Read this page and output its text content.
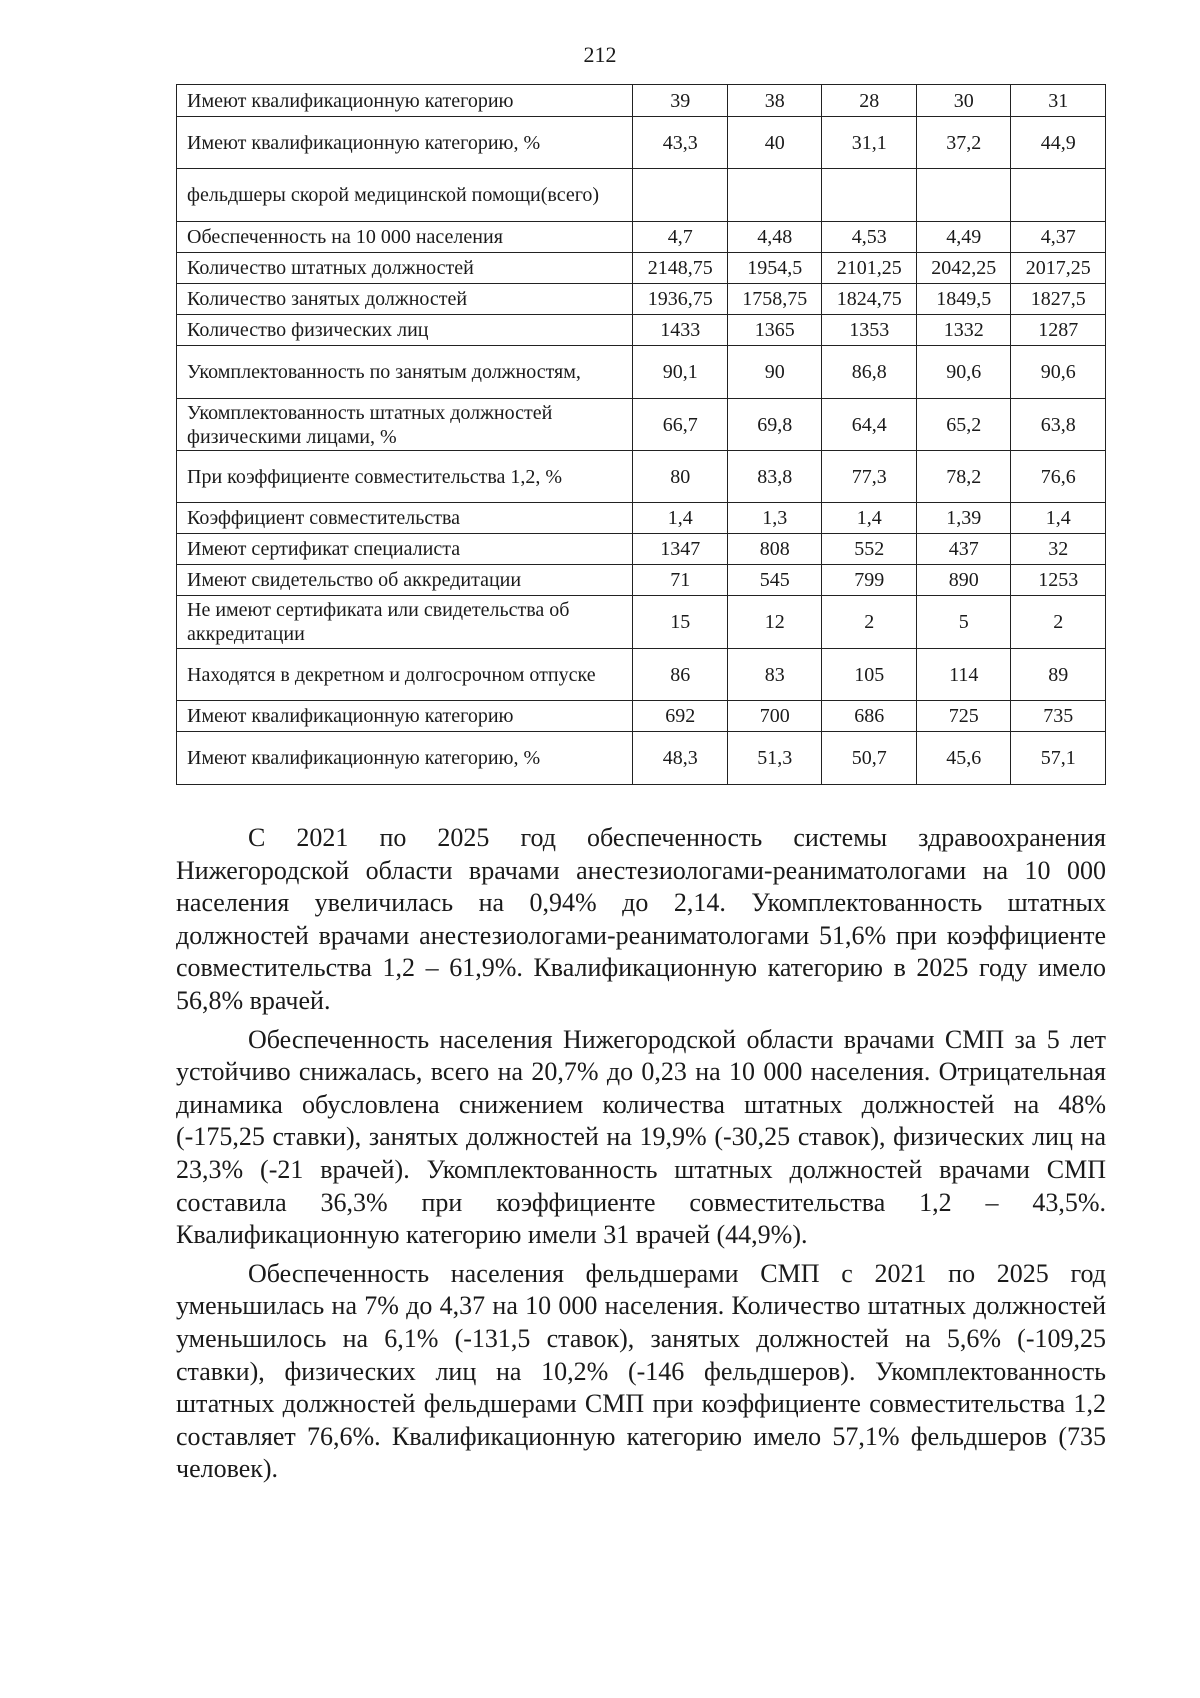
212
Имеют квалификационную категорию	39	38	28	30	31
Имеют квалификационную категорию, %	43,3	40	31,1	37,2	44,9
фельдшеры скорой медицинской помощи(всего)					
Обеспеченность на 10 000 населения	4,7	4,48	4,53	4,49	4,37
Количество штатных должностей	2148,75	1954,5	2101,25	2042,25	2017,25
Количество занятых должностей	1936,75	1758,75	1824,75	1849,5	1827,5
Количество физических лиц	1433	1365	1353	1332	1287
Укомплектованность по занятым должностям,	90,1	90	86,8	90,6	90,6
Укомплектованность штатных должностей физическими лицами, %	66,7	69,8	64,4	65,2	63,8
При коэффициенте совместительства 1,2, %	80	83,8	77,3	78,2	76,6
Коэффициент совместительства	1,4	1,3	1,4	1,39	1,4
Имеют сертификат специалиста	1347	808	552	437	32
Имеют свидетельство об аккредитации	71	545	799	890	1253
Не имеют сертификата или свидетельства об аккредитации	15	12	2	5	2
Находятся в декретном и долгосрочном отпуске	86	83	105	114	89
Имеют квалификационную категорию	692	700	686	725	735
Имеют квалификационную категорию, %	48,3	51,3	50,7	45,6	57,1

С 2021 по 2025 год обеспеченность системы здравоохранения Нижегородской области врачами анестезиологами-реаниматологами на 10 000 населения увеличилась на 0,94% до 2,14. Укомплектованность штатных должностей врачами анестезиологами-реаниматологами 51,6% при коэффициенте совместительства 1,2 – 61,9%. Квалификационную категорию в 2025 году имело 56,8% врачей.

Обеспеченность населения Нижегородской области врачами СМП за 5 лет устойчиво снижалась, всего на 20,7% до 0,23 на 10 000 населения. Отрицательная динамика обусловлена снижением количества штатных должностей на 48% (-175,25 ставки), занятых должностей на 19,9% (-30,25 ставок), физических лиц на 23,3% (-21 врачей). Укомплектованность штатных должностей врачами СМП составила 36,3% при коэффициенте совместительства 1,2 – 43,5%. Квалификационную категорию имели 31 врачей (44,9%).

Обеспеченность населения фельдшерами СМП с 2021 по 2025 год уменьшилась на 7% до 4,37 на 10 000 населения. Количество штатных должностей уменьшилось на 6,1% (-131,5 ставок), занятых должностей на 5,6% (-109,25 ставки), физических лиц на 10,2% (-146 фельдшеров). Укомплектованность штатных должностей фельдшерами СМП при коэффициенте совместительства 1,2 составляет 76,6%. Квалификационную категорию имело 57,1% фельдшеров (735 человек).
